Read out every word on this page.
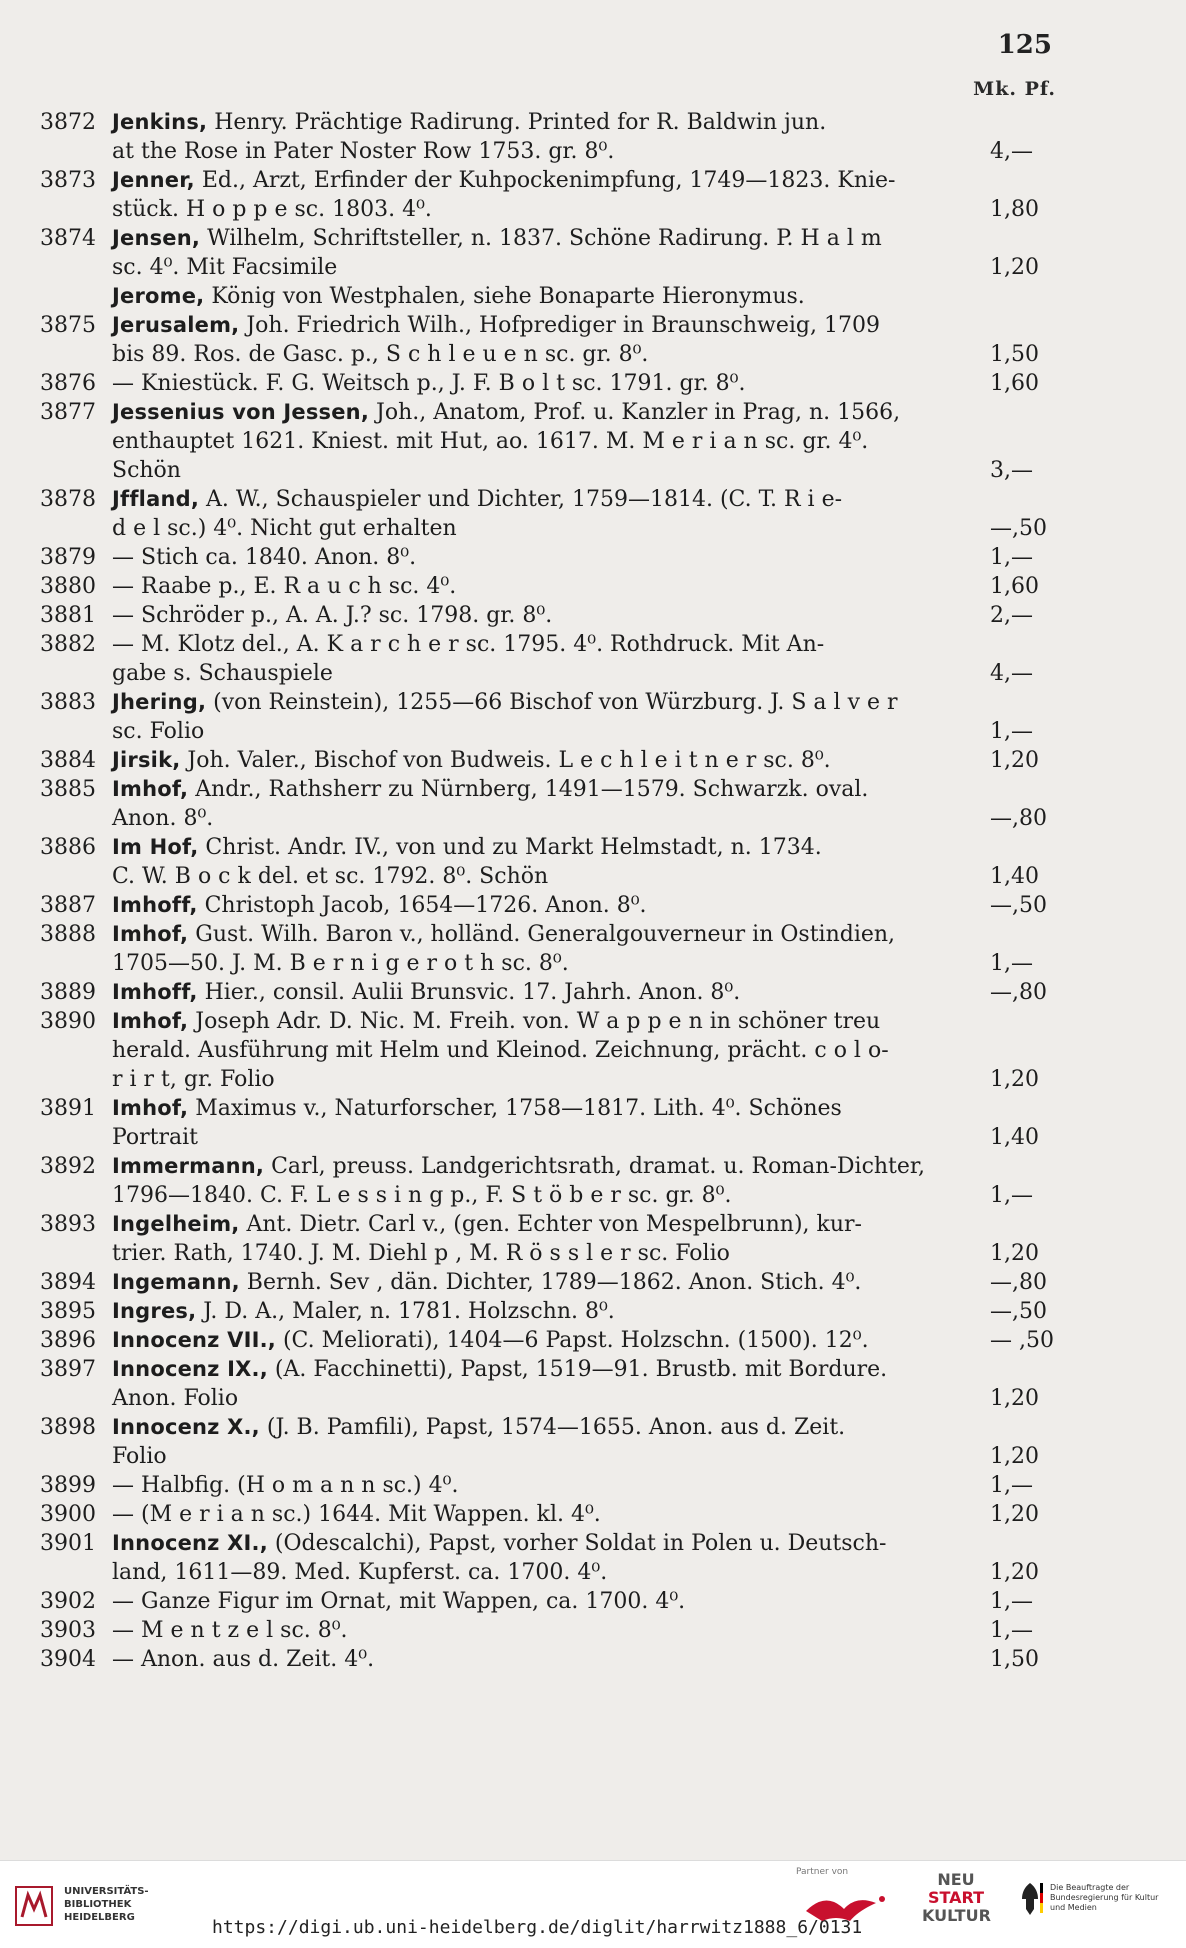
125
Mk. Pf.
3872 Jenkins, Henry. Prächtige Radirung. Printed for R. Baldwin jun.
at the Rose in Pater Noster Row 1753. gr. 8⁰.	4,—
3873 Jenner, Ed., Arzt, Erfinder der Kuhpockenimpfung, 1749—1823. Knie-
stück. H o p p e sc. 1803. 4⁰.	1,80
3874 Jensen, Wilhelm, Schriftsteller, n. 1837. Schöne Radirung. P. H a l m
sc. 4⁰. Mit Facsimile	1,20
Jerome, König von Westphalen, siehe Bonaparte Hieronymus.
3875 Jerusalem, Joh. Friedrich Wilh., Hofprediger in Braunschweig, 1709
bis 89. Ros. de Gasc. p., S c h l e u e n sc. gr. 8⁰.	1,50
3876 — Kniestück. F. G. Weitsch p., J. F. B o l t sc. 1791. gr. 8⁰.	1,60
3877 Jessenius von Jessen, Joh., Anatom, Prof. u. Kanzler in Prag, n. 1566,
enthauptet 1621. Kniest. mit Hut, ao. 1617. M. M e r i a n sc. gr. 4⁰.
Schön	3,—
3878 Jffland, A. W., Schauspieler und Dichter, 1759—1814. (C. T. R i e-
d e l sc.) 4⁰. Nicht gut erhalten	—,50
3879 — Stich ca. 1840. Anon. 8⁰.	1,—
3880 — Raabe p., E. R a u c h sc. 4⁰.	1,60
3881 — Schröder p., A. A. J.? sc. 1798. gr. 8⁰.	2,—
3882 — M. Klotz del., A. K a r c h e r sc. 1795. 4⁰. Rothdruck. Mit An-
gabe s. Schauspiele	4,—
3883 Jhering, (von Reinstein), 1255—66 Bischof von Würzburg. J. S a l v e r
sc. Folio	1,—
3884 Jirsik, Joh. Valer., Bischof von Budweis. L e c h l e i t n e r sc. 8⁰.	1,20
3885 Imhof, Andr., Rathsherr zu Nürnberg, 1491—1579. Schwarzk. oval.
Anon. 8⁰.	—,80
3886 Im Hof, Christ. Andr. IV., von und zu Markt Helmstadt, n. 1734.
C. W. B o c k del. et sc. 1792. 8⁰. Schön	1,40
3887 Imhoff, Christoph Jacob, 1654—1726. Anon. 8⁰.	—,50
3888 Imhof, Gust. Wilh. Baron v., holländ. Generalgouverneur in Ostindien,
1705—50. J. M. B e r n i g e r o t h sc. 8⁰.	1,—
3889 Imhoff, Hier., consil. Aulii Brunsvic. 17. Jahrh. Anon. 8⁰.	—,80
3890 Imhof, Joseph Adr. D. Nic. M. Freih. von. W a p p e n in schöner treu
herald. Ausführung mit Helm und Kleinod. Zeichnung, prächt. c o l o-
r i r t, gr. Folio	1,20
3891 Imhof, Maximus v., Naturforscher, 1758—1817. Lith. 4⁰. Schönes
Portrait	1,40
3892 Immermann, Carl, preuss. Landgerichtsrath, dramat. u. Roman-Dichter,
1796—1840. C. F. L e s s i n g p., F. S t ö b e r sc. gr. 8⁰.	1,—
3893 Ingelheim, Ant. Dietr. Carl v., (gen. Echter von Mespelbrunn), kur-
trier. Rath, 1740. J. M. Diehl p , M. R ö s s l e r sc. Folio	1,20
3894 Ingemann, Bernh. Sev , dän. Dichter, 1789—1862. Anon. Stich. 4⁰.	—,80
3895 Ingres, J. D. A., Maler, n. 1781. Holzschn. 8⁰.	—,50
3896 Innocenz VII., (C. Meliorati), 1404—6 Papst. Holzschn. (1500). 12⁰.	— ,50
3897 Innocenz IX., (A. Facchinetti), Papst, 1519—91. Brustb. mit Bordure.
Anon. Folio	1,20
3898 Innocenz X., (J. B. Pamfili), Papst, 1574—1655. Anon. aus d. Zeit.
Folio	1,20
3899 — Halbfig. (H o m a n n sc.) 4⁰.	1,—
3900 — (M e r i a n sc.) 1644. Mit Wappen. kl. 4⁰.	1,20
3901 Innocenz XI., (Odescalchi), Papst, vorher Soldat in Polen u. Deutsch-
land, 1611—89. Med. Kupferst. ca. 1700. 4⁰.	1,20
3902 — Ganze Figur im Ornat, mit Wappen, ca. 1700. 4⁰.	1,—
3903 — M e n t z e l sc. 8⁰.	1,—
3904 — Anon. aus d. Zeit. 4⁰.	1,50
UNIVERSITÄTS-
BIBLIOTHEK
HEIDELBERG	https://digi.ub.uni-heidelberg.de/diglit/harrwitz1888_6/0131
Partner von	NEU
START
KULTUR
Die Beauftragte der Bundesregierung für Kultur und Medien
